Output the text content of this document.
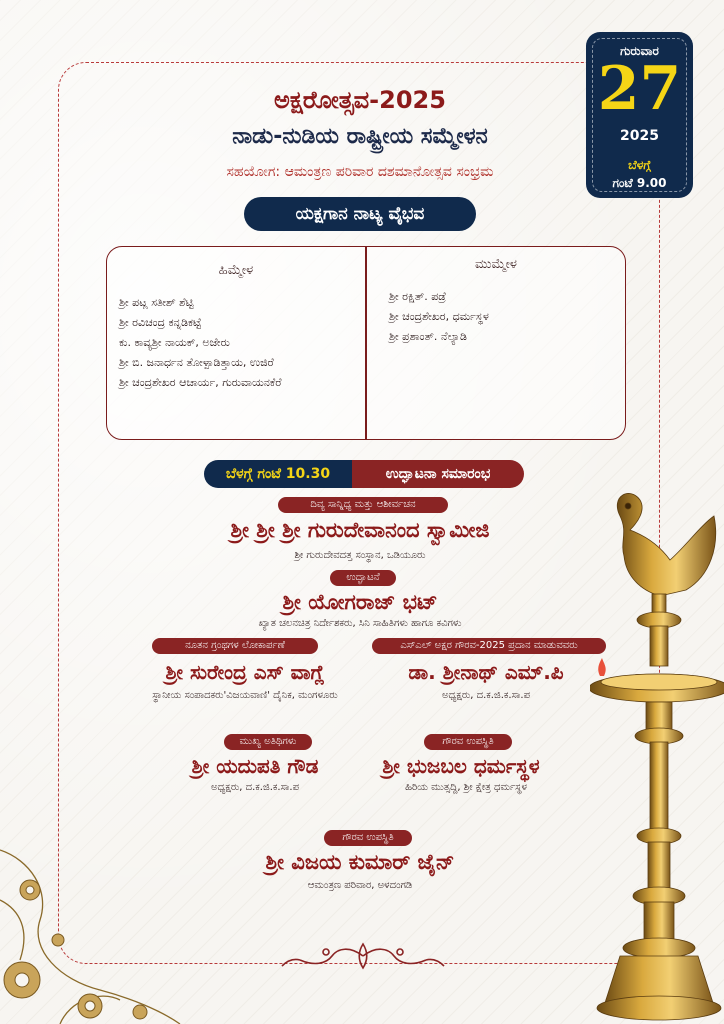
ಗುರುವಾರ
27
2025
ಬೆಳಗ್ಗೆ
ಗಂಟೆ 9.00
ಅಕ್ಷರೋತ್ಸವ-2025
ನಾಡು-ನುಡಿಯ ರಾಷ್ಟ್ರೀಯ ಸಮ್ಮೇಳನ
ಸಹಯೋಗ: ಆಮಂತ್ರಣ ಪರಿವಾರ ದಶಮಾನೋತ್ಸವ ಸಂಭ್ರಮ
ಯಕ್ಷಗಾನ ನಾಟ್ಯ ವೈಭವ
ಹಿಮ್ಮೇಳ	ಮುಮ್ಮೇಳ
ಶ್ರೀ ಪಟ್ಲ ಸತೀಶ್ ಶೆಟ್ಟಿ
ಶ್ರೀ ರವಿಚಂದ್ರ ಕನ್ನಡಿಕಟ್ಟೆ
ಕು. ಕಾವ್ಯಶ್ರೀ ನಾಯಕ್, ಅಜೇರು
ಶ್ರೀ ಬಿ. ಜನಾರ್ಧನ ತೋಳ್ಪಾಡಿತ್ತಾಯ, ಉಜಿರೆ
ಶ್ರೀ ಚಂದ್ರಶೇಖರ ಆಚಾರ್ಯ, ಗುರುವಾಯನಕೆರೆ
ಶ್ರೀ ರಕ್ಷಿತ್. ಪಡ್ರೆ
ಶ್ರೀ ಚಂದ್ರಶೇಖರ, ಧರ್ಮಸ್ಥಳ
ಶ್ರೀ ಪ್ರಶಾಂತ್. ನೆಲ್ಯಾಡಿ
ಬೆಳಗ್ಗೆ ಗಂಟೆ 10.30	ಉದ್ಘಾಟನಾ ಸಮಾರಂಭ
ದಿವ್ಯ ಸಾನ್ನಿಧ್ಯ ಮತ್ತು ಆಶೀರ್ವಚನ
ಶ್ರೀ ಶ್ರೀ ಶ್ರೀ ಗುರುದೇವಾನಂದ ಸ್ವಾಮೀಜಿ
ಶ್ರೀ ಗುರುದೇವದತ್ತ ಸಂಸ್ಥಾನ, ಒಡಿಯೂರು
ಉದ್ಘಾಟನೆ
ಶ್ರೀ ಯೋಗರಾಜ್ ಭಟ್
ಖ್ಯಾತ ಚಲನಚಿತ್ರ ನಿರ್ದೇಶಕರು, ಸಿನಿ ಸಾಹಿತಿಗಳು ಹಾಗೂ ಕವಿಗಳು
ನೂತನ ಗ್ರಂಥಗಳ ಲೋಕಾರ್ಪಣೆ	ಎಸ್ಎಲ್ ಅಕ್ಷರ ಗೌರವ-2025 ಪ್ರದಾನ ಮಾಡುವವರು
ಶ್ರೀ ಸುರೇಂದ್ರ ಎಸ್ ವಾಗ್ಲೆ	ಡಾ. ಶ್ರೀನಾಥ್ ಎಮ್.ಪಿ
ಸ್ಥಾನೀಯ ಸಂಪಾದಕರು'ವಿಜಯವಾಣಿ' ದೈನಿಕ, ಮಂಗಳೂರು	ಅಧ್ಯಕ್ಷರು, ದ.ಕ.ಜಿ.ಕ.ಸಾ.ಪ
ಮುಖ್ಯ ಅತಿಥಿಗಳು	ಗೌರವ ಉಪಸ್ಥಿತಿ
ಶ್ರೀ ಯದುಪತಿ ಗೌಡ	ಶ್ರೀ ಭುಜಬಲ ಧರ್ಮಸ್ಥಳ
ಅಧ್ಯಕ್ಷರು, ದ.ಕ.ಜಿ.ಕ.ಸಾ.ಪ	ಹಿರಿಯ ಮುತ್ಸದ್ದಿ, ಶ್ರೀ ಕ್ಷೇತ್ರ ಧರ್ಮಸ್ಥಳ
ಗೌರವ ಉಪಸ್ಥಿತಿ
ಶ್ರೀ ವಿಜಯ ಕುಮಾರ್ ಜೈನ್
ಆಮಂತ್ರಣ ಪರಿವಾರ, ಅಳದಂಗಡಿ
